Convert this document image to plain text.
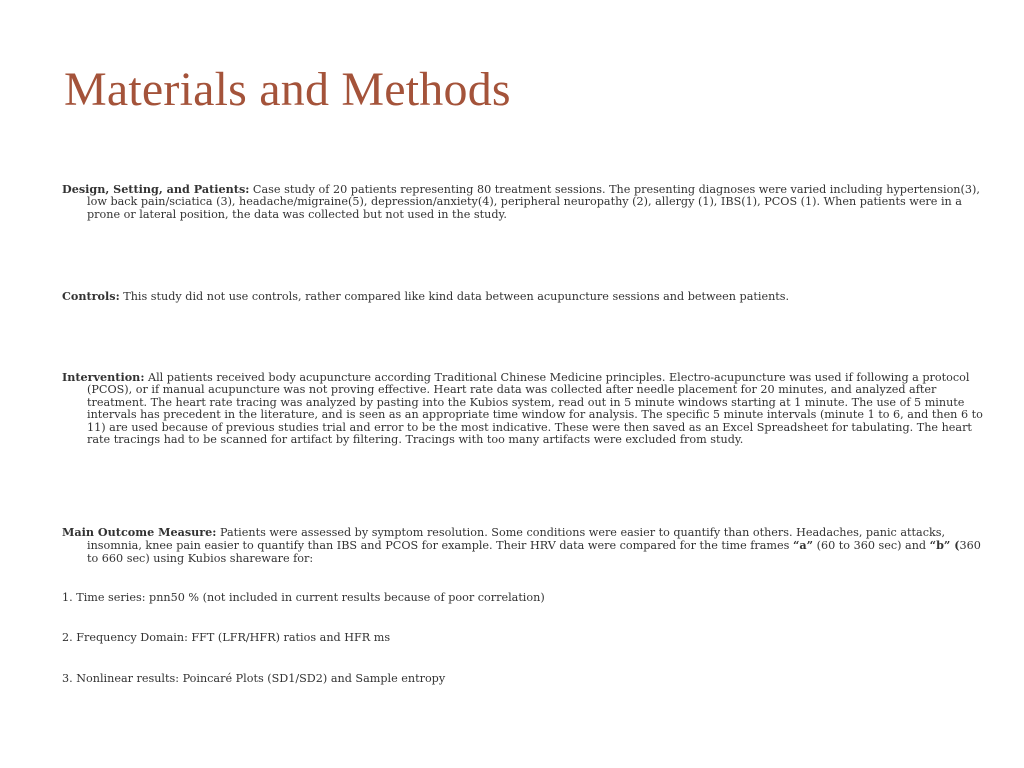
Materials and Methods

Design, Setting, and Patients: Case study of 20 patients representing 80 treatment sessions. The presenting diagnoses were varied including hypertension(3), low back pain/sciatica (3), headache/migraine(5), depression/anxiety(4), peripheral neuropathy (2), allergy (1), IBS(1), PCOS (1). When patients were in a prone or lateral position, the data was collected but not used in the study.

Controls: This study did not use controls, rather compared like kind data between acupuncture sessions and between patients.

Intervention: All patients received body acupuncture according Traditional Chinese Medicine principles. Electro-acupuncture was used if following a protocol (PCOS), or if manual acupuncture was not proving effective. Heart rate data was collected after needle placement for 20 minutes, and analyzed after treatment. The heart rate tracing was analyzed by pasting into the Kubios system, read out in 5 minute windows starting at 1 minute. The use of 5 minute intervals has precedent in the literature, and is seen as an appropriate time window for analysis. The specific 5 minute intervals (minute 1 to 6, and then 6 to 11) are used because of previous studies trial and error to be the most indicative. These were then saved as an Excel Spreadsheet for tabulating. The heart rate tracings had to be scanned for artifact by filtering. Tracings with too many artifacts were excluded from study.

Main Outcome Measure: Patients were assessed by symptom resolution. Some conditions were easier to quantify than others. Headaches, panic attacks, insomnia, knee pain easier to quantify than IBS and PCOS for example. Their HRV data were compared for the time frames “a” (60 to 360 sec) and “b” (360 to 660 sec) using Kubios shareware for:

1. Time series: pnn50 % (not included in current results because of poor correlation)

2. Frequency Domain: FFT (LFR/HFR) ratios and HFR ms

3. Nonlinear results: Poincaré Plots (SD1/SD2) and Sample entropy
